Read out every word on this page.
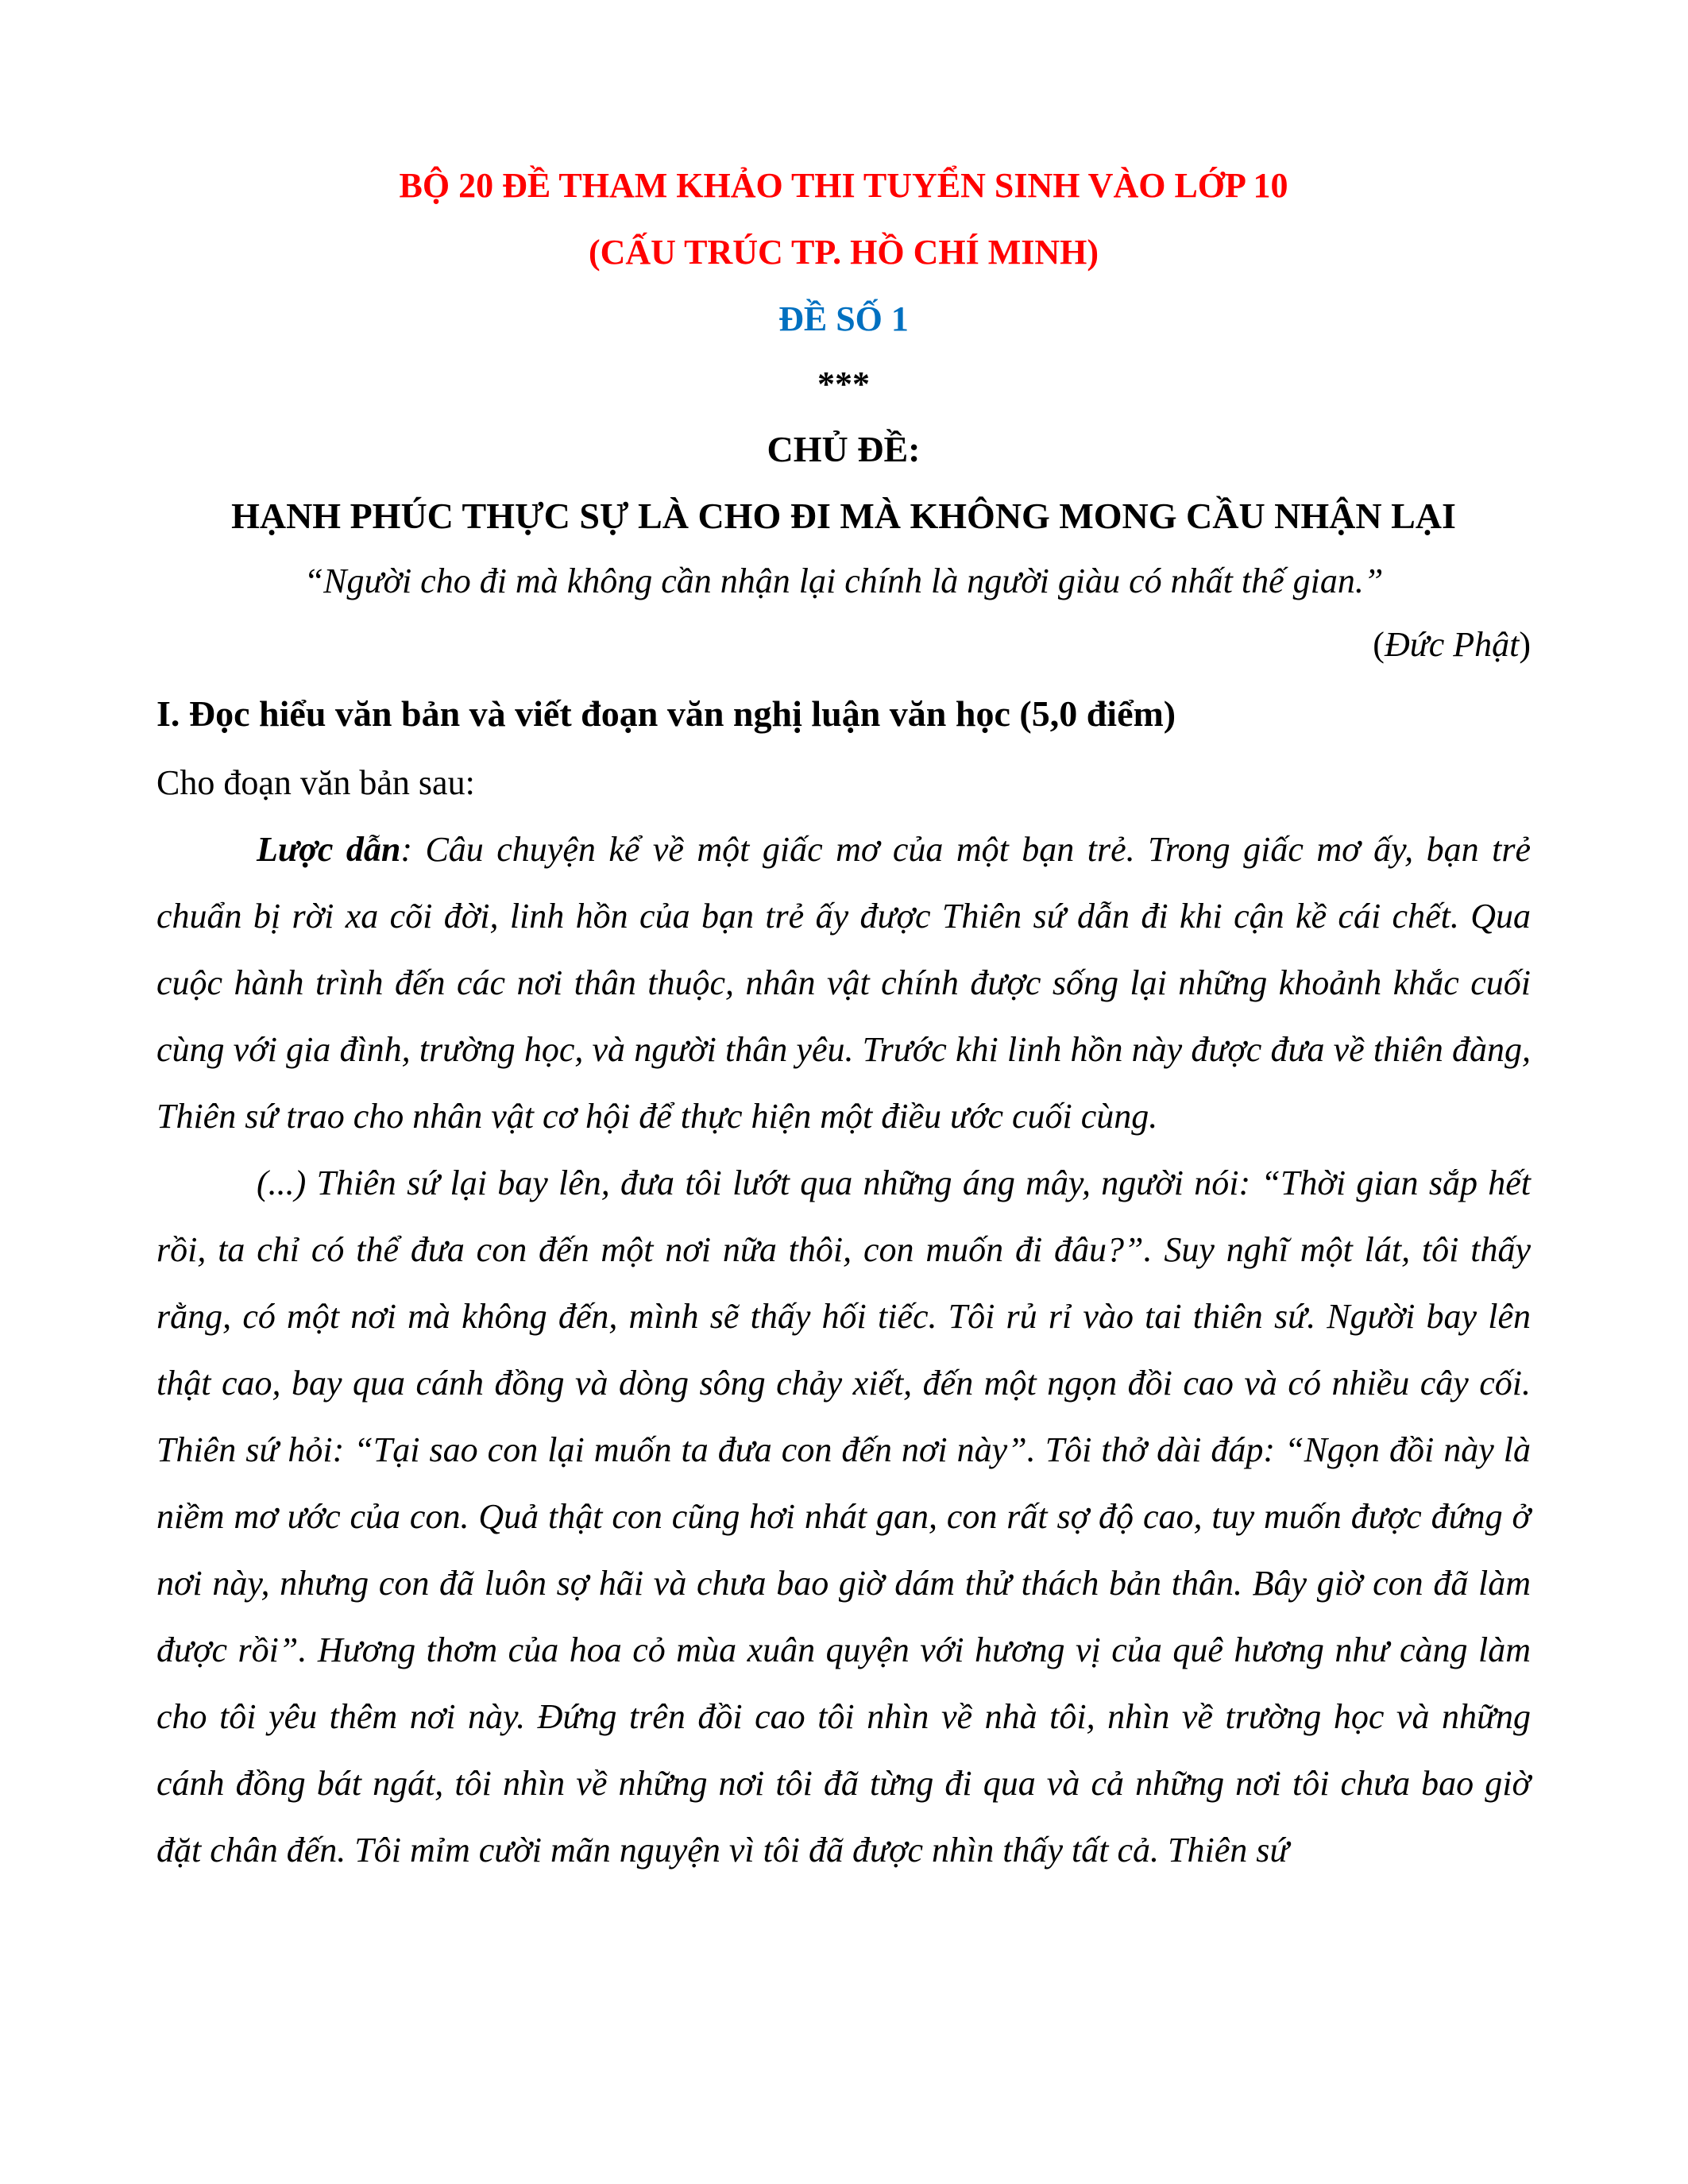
BỘ 20 ĐỀ THAM KHẢO THI TUYỂN SINH VÀO LỚP 10
(CẤU TRÚC TP. HỒ CHÍ MINH)
ĐỀ SỐ 1
***
CHỦ ĐỀ:
HẠNH PHÚC THỰC SỰ LÀ CHO ĐI MÀ KHÔNG MONG CẦU NHẬN LẠI
“Người cho đi mà không cần nhận lại chính là người giàu có nhất thế gian.”
(Đức Phật)
I. Đọc hiểu văn bản và viết đoạn văn nghị luận văn học (5,0 điểm)
Cho đoạn văn bản sau:

Lược dẫn: Câu chuyện kể về một giấc mơ của một bạn trẻ. Trong giấc mơ ấy, bạn trẻ chuẩn bị rời xa cõi đời, linh hồn của bạn trẻ ấy được Thiên sứ dẫn đi khi cận kề cái chết. Qua cuộc hành trình đến các nơi thân thuộc, nhân vật chính được sống lại những khoảnh khắc cuối cùng với gia đình, trường học, và người thân yêu. Trước khi linh hồn này được đưa về thiên đàng, Thiên sứ trao cho nhân vật cơ hội để thực hiện một điều ước cuối cùng.

(...) Thiên sứ lại bay lên, đưa tôi lướt qua những áng mây, người nói: “Thời gian sắp hết rồi, ta chỉ có thể đưa con đến một nơi nữa thôi, con muốn đi đâu?”. Suy nghĩ một lát, tôi thấy rằng, có một nơi mà không đến, mình sẽ thấy hối tiếc. Tôi rủ rỉ vào tai thiên sứ. Người bay lên thật cao, bay qua cánh đồng và dòng sông chảy xiết, đến một ngọn đồi cao và có nhiều cây cối. Thiên sứ hỏi: “Tại sao con lại muốn ta đưa con đến nơi này”. Tôi thở dài đáp: “Ngọn đồi này là niềm mơ ước của con. Quả thật con cũng hơi nhát gan, con rất sợ độ cao, tuy muốn được đứng ở nơi này, nhưng con đã luôn sợ hãi và chưa bao giờ dám thử thách bản thân. Bây giờ con đã làm được rồi”. Hương thơm của hoa cỏ mùa xuân quyện với hương vị của quê hương như càng làm cho tôi yêu thêm nơi này. Đứng trên đồi cao tôi nhìn về nhà tôi, nhìn về trường học và những cánh đồng bát ngát, tôi nhìn về những nơi tôi đã từng đi qua và cả những nơi tôi chưa bao giờ đặt chân đến. Tôi mỉm cười mãn nguyện vì tôi đã được nhìn thấy tất cả. Thiên sứ
